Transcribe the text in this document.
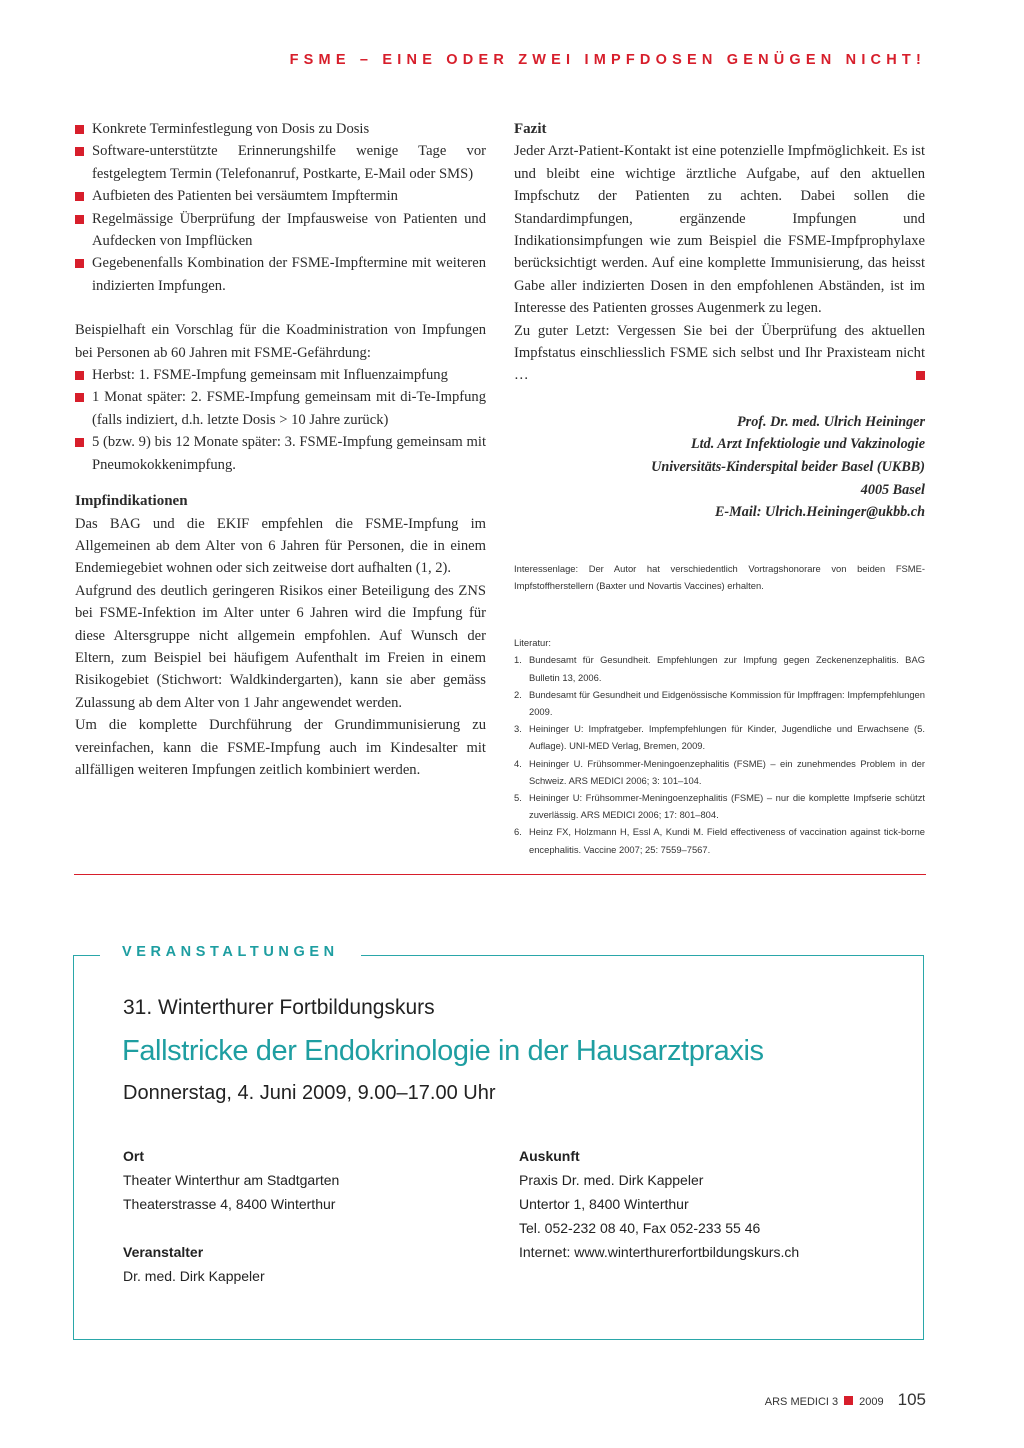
FSME – EINE ODER ZWEI IMPFDOSEN GENÜGEN NICHT!
Konkrete Terminfestlegung von Dosis zu Dosis
Software-unterstützte Erinnerungshilfe wenige Tage vor festgelegtem Termin (Telefonanruf, Postkarte, E-Mail oder SMS)
Aufbieten des Patienten bei versäumtem Impftermin
Regelmässige Überprüfung der Impfausweise von Patienten und Aufdecken von Impflücken
Gegebenenfalls Kombination der FSME-Impftermine mit weiteren indizierten Impfungen.

Beispielhaft ein Vorschlag für die Koadministration von Impfungen bei Personen ab 60 Jahren mit FSME-Gefährdung:

Herbst: 1. FSME-Impfung gemeinsam mit Influenzaimpfung
1 Monat später: 2. FSME-Impfung gemeinsam mit di-Te-Impfung (falls indiziert, d.h. letzte Dosis > 10 Jahre zurück)
5 (bzw. 9) bis 12 Monate später: 3. FSME-Impfung gemeinsam mit Pneumokokkenimpfung.
Impfindikationen

Das BAG und die EKIF empfehlen die FSME-Impfung im Allgemeinen ab dem Alter von 6 Jahren für Personen, die in einem Endemiegebiet wohnen oder sich zeitweise dort aufhalten (1, 2).

Aufgrund des deutlich geringeren Risikos einer Beteiligung des ZNS bei FSME-Infektion im Alter unter 6 Jahren wird die Impfung für diese Altersgruppe nicht allgemein empfohlen. Auf Wunsch der Eltern, zum Beispiel bei häufigem Aufenthalt im Freien in einem Risikogebiet (Stichwort: Waldkindergarten), kann sie aber gemäss Zulassung ab dem Alter von 1 Jahr angewendet werden.

Um die komplette Durchführung der Grundimmunisierung zu vereinfachen, kann die FSME-Impfung auch im Kindesalter mit allfälligen weiteren Impfungen zeitlich kombiniert werden.

Fazit

Jeder Arzt-Patient-Kontakt ist eine potenzielle Impfmöglichkeit. Es ist und bleibt eine wichtige ärztliche Aufgabe, auf den aktuellen Impfschutz der Patienten zu achten. Dabei sollen die Standardimpfungen, ergänzende Impfungen und Indikationsimpfungen wie zum Beispiel die FSME-Impfprophylaxe berücksichtigt werden. Auf eine komplette Immunisierung, das heisst Gabe aller indizierten Dosen in den empfohlenen Abständen, ist im Interesse des Patienten grosses Augenmerk zu legen.

Zu guter Letzt: Vergessen Sie bei der Überprüfung des aktuellen Impfstatus einschliesslich FSME sich selbst und Ihr Praxisteam nicht …

Prof. Dr. med. Ulrich Heininger
Ltd. Arzt Infektiologie und Vakzinologie
Universitäts-Kinderspital beider Basel (UKBB)
4005 Basel
E-Mail: Ulrich.Heininger@ukbb.ch
Interessenlage: Der Autor hat verschiedentlich Vortragshonorare von beiden FSME-Impfstoffherstellern (Baxter und Novartis Vaccines) erhalten.
Literatur:
1. Bundesamt für Gesundheit. Empfehlungen zur Impfung gegen Zeckenenzephalitis. BAG Bulletin 13, 2006.
2. Bundesamt für Gesundheit und Eidgenössische Kommission für Impffragen: Impfempfehlungen 2009.
3. Heininger U: Impfratgeber. Impfempfehlungen für Kinder, Jugendliche und Erwachsene (5. Auflage). UNI-MED Verlag, Bremen, 2009.
4. Heininger U. Frühsommer-Meningoenzephalitis (FSME) – ein zunehmendes Problem in der Schweiz. ARS MEDICI 2006; 3: 101–104.
5. Heininger U: Frühsommer-Meningoenzephalitis (FSME) – nur die komplette Impfserie schützt zuverlässig. ARS MEDICI 2006; 17: 801–804.
6. Heinz FX, Holzmann H, Essl A, Kundi M. Field effectiveness of vaccination against tick-borne encephalitis. Vaccine 2007; 25: 7559–7567.
VERANSTALTUNGEN
31. Winterthurer Fortbildungskurs
Fallstricke der Endokrinologie in der Hausarztpraxis
Donnerstag, 4. Juni 2009, 9.00–17.00 Uhr
Ort
Theater Winterthur am Stadtgarten
Theaterstrasse 4, 8400 Winterthur
Veranstalter
Dr. med. Dirk Kappeler
Auskunft
Praxis Dr. med. Dirk Kappeler
Untertor 1, 8400 Winterthur
Tel. 052-232 08 40, Fax 052-233 55 46
Internet: www.winterthurerfortbildungskurs.ch
ARS MEDICI 3 2009 105
